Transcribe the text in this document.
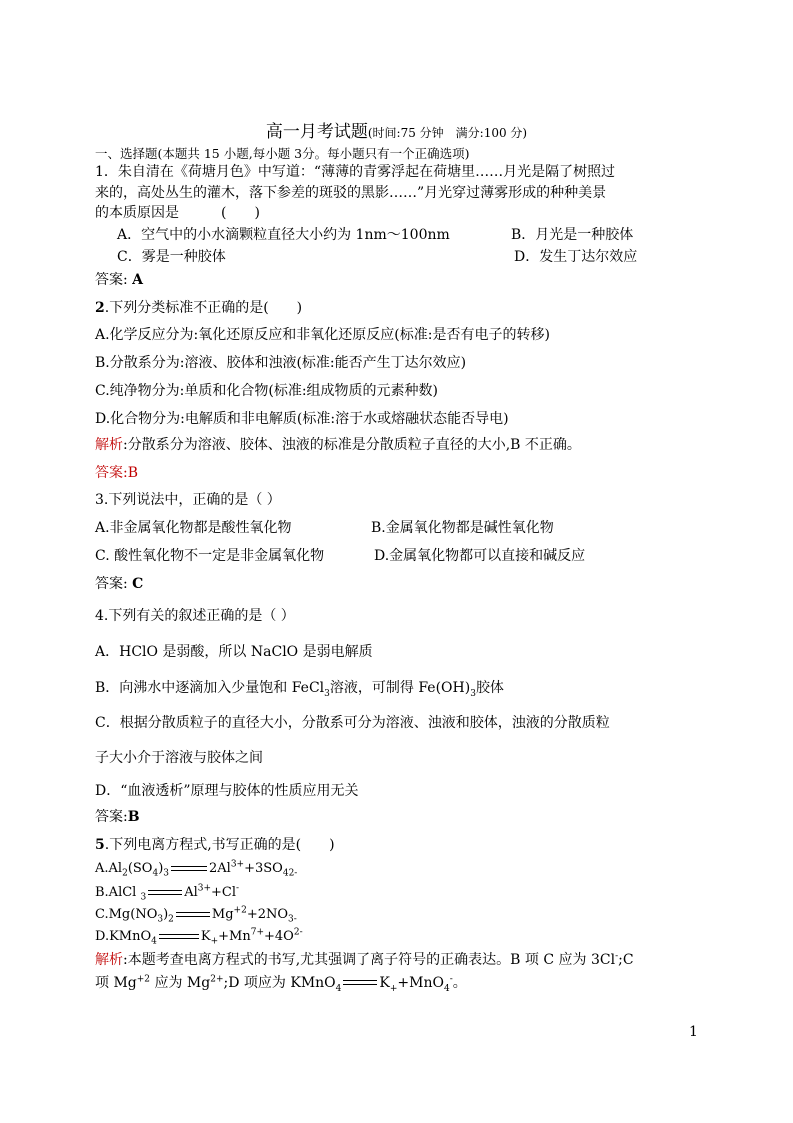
高一月考试题(时间:75 分钟　满分:100 分)
一、选择题(本题共 15 小题,每小题 3分。每小题只有一个正确选项)
1．朱自清在《荷塘月色》中写道：“薄薄的青雾浮起在荷塘里……月光是隔了树照过
来的，高处丛生的灌木，落下参差的斑驳的黑影……”月光穿过薄雾形成的种种美景
的本质原因是　　　(　　)
A．空气中的小水滴颗粒直径大小约为 1nm～100nm	B．月光是一种胶体
C．雾是一种胶体	D．发生丁达尔效应
答案: A
2.下列分类标准不正确的是(　　)
A.化学反应分为:氧化还原反应和非氧化还原反应(标准:是否有电子的转移)
B.分散系分为:溶液、胶体和浊液(标准:能否产生丁达尔效应)
C.纯净物分为:单质和化合物(标准:组成物质的元素种数)
D.化合物分为:电解质和非电解质(标准:溶于水或熔融状态能否导电)
解析:分散系分为溶液、胶体、浊液的标准是分散质粒子直径的大小,B 不正确。
答案:B
3.下列说法中，正确的是（ ）
A.非金属氧化物都是酸性氧化物	B.金属氧化物都是碱性氧化物
C. 酸性氧化物不一定是非金属氧化物	D.金属氧化物都可以直接和碱反应
答案: C
4.下列有关的叙述正确的是（ ）
A．HClO 是弱酸，所以 NaClO 是弱电解质
B．向沸水中逐滴加入少量饱和 FeCl$_3$溶液，可制得 $Fe(OH)_3$胶体
C．根据分散质粒子的直径大小，分散系可分为溶液、浊液和胶体，浊液的分散质粒
子大小介于溶液与胶体之间
D．“血液透析”原理与胶体的性质应用无关
答案:B
5.下列电离方程式,书写正确的是(　　)
$A.Al_2(SO_4)_3$	$2Al^{3+}+3SO_{42-}$
B.AlCl $_3$	$Al^{3+}+Cl^-$
$C.Mg(NO_3)_2$	$Mg^{+2}+2NO_{3-}$
D.KMnO$_4$	$K_++Mn^{7+}+4O^{2-}$
解析:本题考查电离方程式的书写,尤其强调了离子符号的正确表达。B 项 C 应为 3Cl-;C
项 $Mg^{+2}$ 应为 $Mg^{2+};D$ 项应为 KMnO$_4$	$K_++MnO_4^-$。
1
